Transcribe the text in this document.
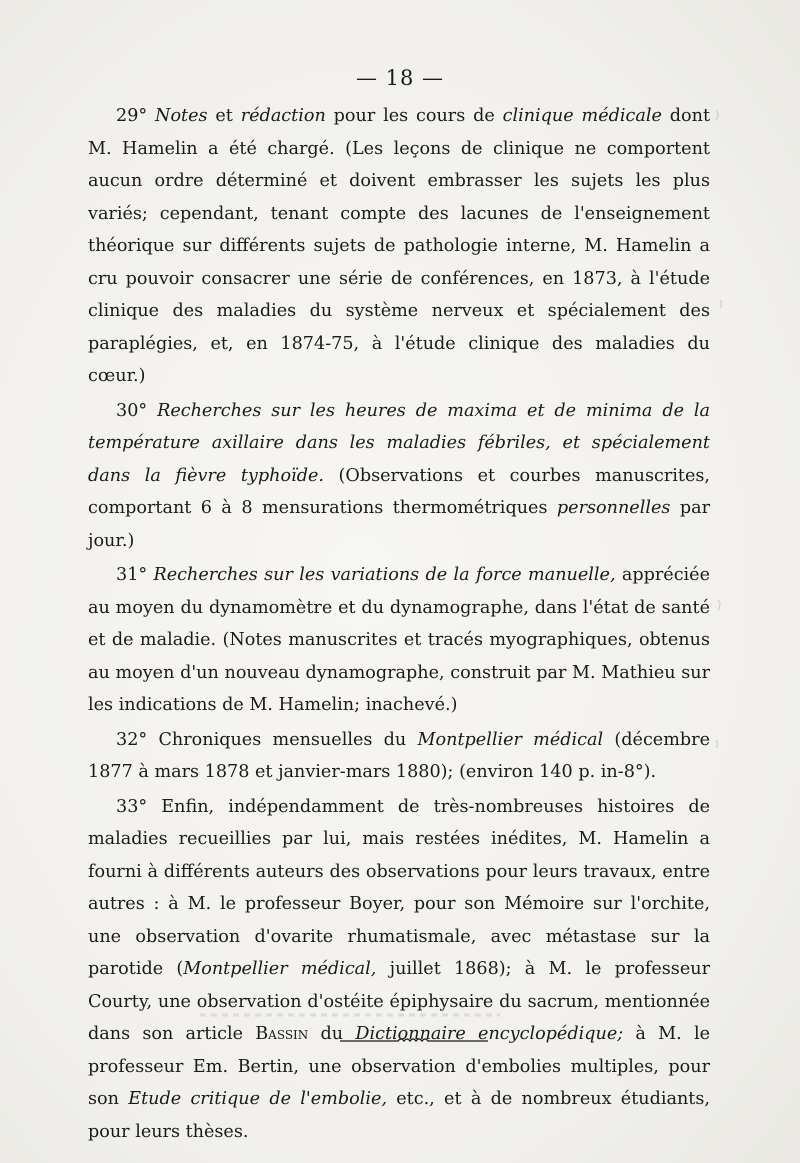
— 18 —

29° Notes et rédaction pour les cours de clinique médicale dont M. Hamelin a été chargé. (Les leçons de clinique ne comportent aucun ordre déterminé et doivent embrasser les sujets les plus variés; cependant, tenant compte des lacunes de l'enseignement théorique sur différents sujets de pathologie interne, M. Hamelin a cru pouvoir consacrer une série de conférences, en 1873, à l'étude clinique des maladies du système nerveux et spécialement des paraplégies, et, en 1874-75, à l'étude clinique des maladies du cœur.)

30° Recherches sur les heures de maxima et de minima de la température axillaire dans les maladies fébriles, et spécialement dans la fièvre typhoïde. (Observations et courbes manuscrites, comportant 6 à 8 mensurations thermométriques personnelles par jour.)

31° Recherches sur les variations de la force manuelle, appréciée au moyen du dynamomètre et du dynamographe, dans l'état de santé et de maladie. (Notes manuscrites et tracés myographiques, obtenus au moyen d'un nouveau dynamographe, construit par M. Mathieu sur les indications de M. Hamelin; inachevé.)

32° Chroniques mensuelles du Montpellier médical (décembre 1877 à mars 1878 et janvier-mars 1880); (environ 140 p. in-8°).

33° Enfin, indépendamment de très-nombreuses histoires de maladies recueillies par lui, mais restées inédites, M. Hamelin a fourni à différents auteurs des observations pour leurs travaux, entre autres : à M. le professeur Boyer, pour son Mémoire sur l'orchite, une observation d'ovarite rhumatismale, avec métastase sur la parotide (Montpellier médical, juillet 1868); à M. le professeur Courty, une observation d'ostéite épiphysaire du sacrum, mentionnée dans son article Bassin du Dictionnaire encyclopédique; à M. le professeur Em. Bertin, une observation d'embolies multiples, pour son Etude critique de l'embolie, etc., et à de nombreux étudiants, pour leurs thèses.
